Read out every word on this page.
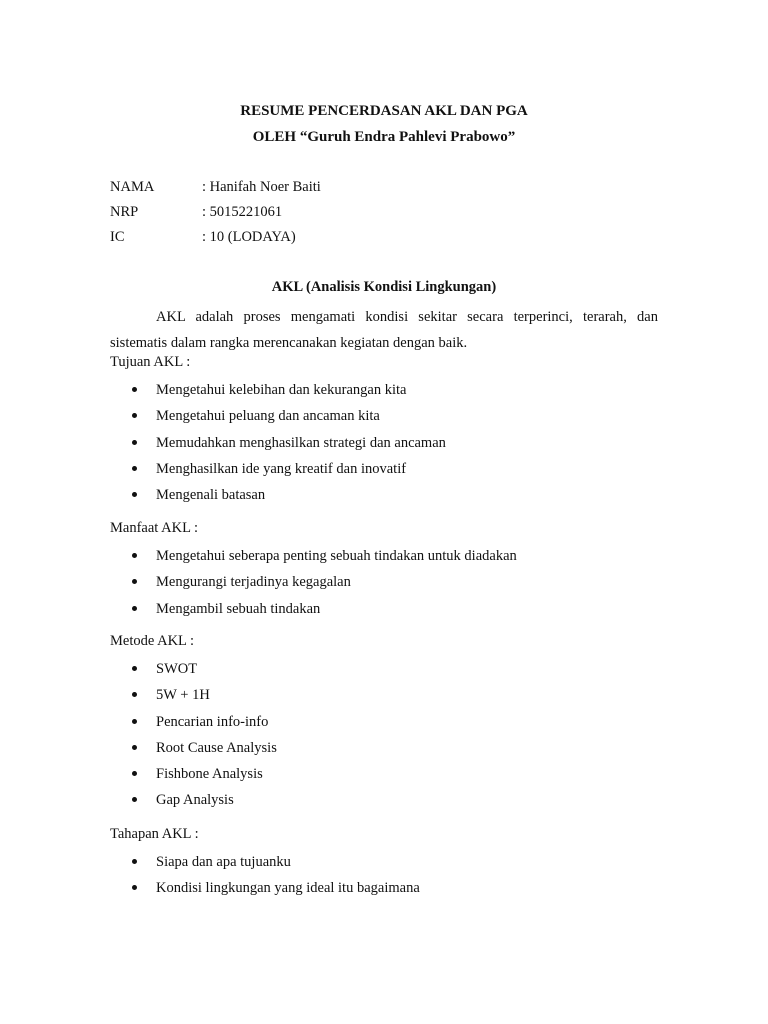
RESUME PENCERDASAN AKL DAN PGA
OLEH “Guruh Endra Pahlevi Prabowo”
NAMA	: Hanifah Noer Baiti
NRP	: 5015221061
IC	: 10 (LODAYA)
AKL (Analisis Kondisi Lingkungan)

AKL adalah proses mengamati kondisi sekitar secara terperinci, terarah, dan sistematis dalam rangka merencanakan kegiatan dengan baik.

Tujuan AKL :
Mengetahui kelebihan dan kekurangan kita
Mengetahui peluang dan ancaman kita
Memudahkan menghasilkan strategi dan ancaman
Menghasilkan ide yang kreatif dan inovatif
Mengenali batasan
Manfaat AKL :
Mengetahui seberapa penting sebuah tindakan untuk diadakan
Mengurangi terjadinya kegagalan
Mengambil sebuah tindakan
Metode AKL :
SWOT
5W + 1H
Pencarian info-info
Root Cause Analysis
Fishbone Analysis
Gap Analysis
Tahapan AKL :
Siapa dan apa tujuanku
Kondisi lingkungan yang ideal itu bagaimana
